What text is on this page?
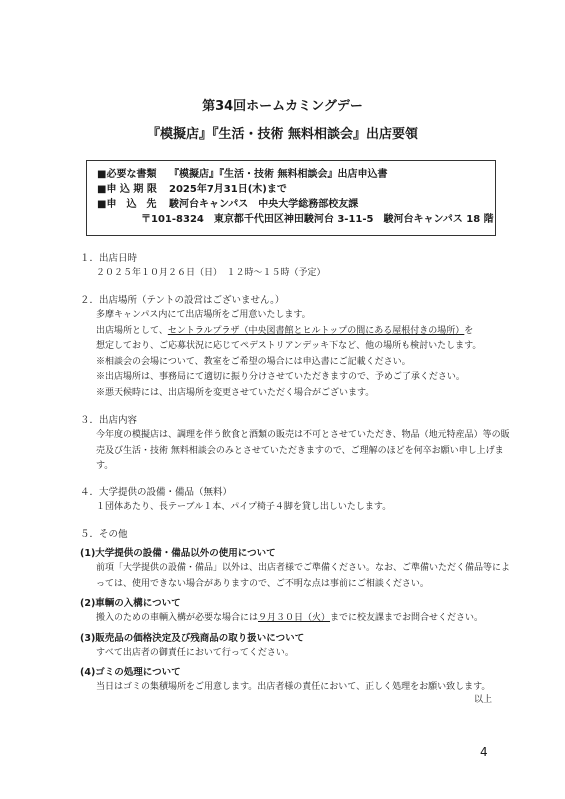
第34回ホームカミングデー
『模擬店』『生活・技術 無料相談会』出店要領
■必要な書類 『模擬店』『生活・技術 無料相談会』出店申込書
■申 込 期 限 2025年7月31日(木)まで
■申　込　先 駿河台キャンパス　中央大学総務部校友課
〒101-8324　東京都千代田区神田駿河台 3-11-5　駿河台キャンパス 18 階
１．出店日時
２０２５年１０月２６日（日）　１２時～１５時（予定）
２．出店場所（テントの設営はございません。）
多摩キャンパス内にて出店場所をご用意いたします。
出店場所として、セントラルプラザ（中央図書館とヒルトップの間にある屋根付きの場所）を
想定しており、ご応募状況に応じてペデストリアンデッキ下など、他の場所も検討いたします。
※相談会の会場について、教室をご希望の場合には申込書にご記載ください。
※出店場所は、事務局にて適切に振り分けさせていただきますので、予めご了承ください。
※悪天候時には、出店場所を変更させていただく場合がございます。
３．出店内容
今年度の模擬店は、調理を伴う飲食と酒類の販売は不可とさせていただき、物品（地元特産品）等の販売及び生活・技術 無料相談会のみとさせていただきますので、ご理解のほどを何卒お願い申し上げます。
４．大学提供の設備・備品（無料）
１団体あたり、長テーブル１本、パイプ椅子４脚を貸し出しいたします。
５．その他
(1)大学提供の設備・備品以外の使用について
前項「大学提供の設備・備品」以外は、出店者様でご準備ください。なお、ご準備いただく備品等によっては、使用できない場合がありますので、ご不明な点は事前にご相談ください。
(2)車輌の入構について
搬入のための車輌入構が必要な場合には９月３０日（火）までに校友課までお問合せください。
(3)販売品の価格決定及び残商品の取り扱いについて
すべて出店者の御責任において行ってください。
(4)ゴミの処理について
当日はゴミの集積場所をご用意します。出店者様の責任において、正しく処理をお願い致します。
以上
4
